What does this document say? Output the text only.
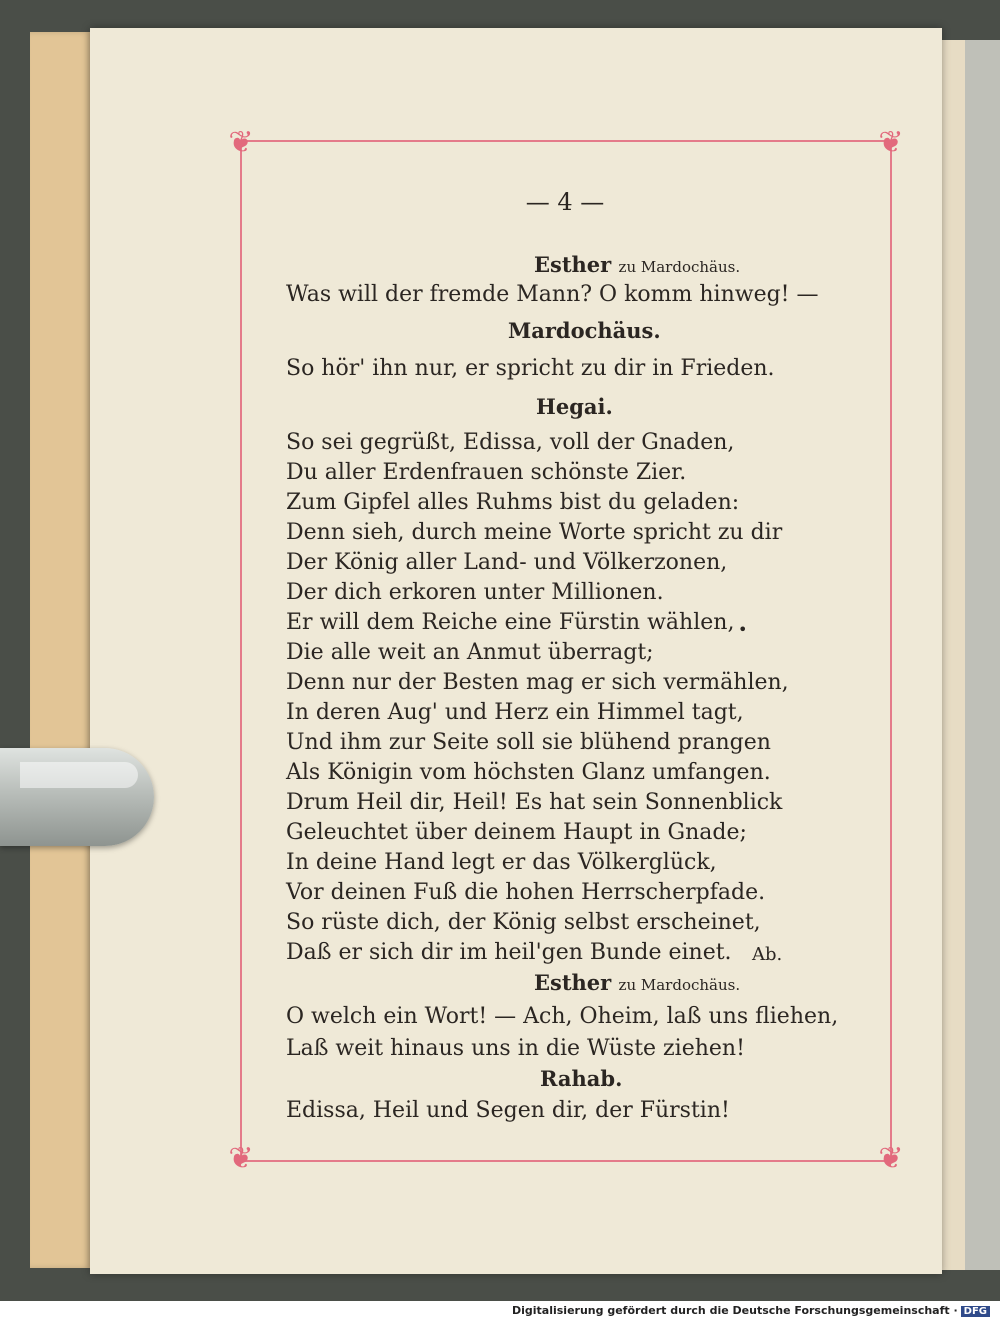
❦	❦
❦	❦
— 4 —
Esther zu Mardochäus.
Was will der fremde Mann? O komm hinweg! —
Mardochäus.
So hör' ihn nur, er spricht zu dir in Frieden.
Hegai.
So sei gegrüßt, Edissa, voll der Gnaden,
Du aller Erdenfrauen schönste Zier.
Zum Gipfel alles Ruhms bist du geladen:
Denn sieh, durch meine Worte spricht zu dir
Der König aller Land- und Völkerzonen,
Der dich erkoren unter Millionen.
Er will dem Reiche eine Fürstin wählen,
Die alle weit an Anmut überragt;
Denn nur der Besten mag er sich vermählen,
In deren Aug' und Herz ein Himmel tagt,
Und ihm zur Seite soll sie blühend prangen
Als Königin vom höchsten Glanz umfangen.
Drum Heil dir, Heil! Es hat sein Sonnenblick
Geleuchtet über deinem Haupt in Gnade;
In deine Hand legt er das Völkerglück,
Vor deinen Fuß die hohen Herrscherpfade.
So rüste dich, der König selbst erscheinet,
Daß er sich dir im heil'gen Bunde einet. Ab.
Esther zu Mardochäus.
O welch ein Wort! — Ach, Oheim, laß uns fliehen,
Laß weit hinaus uns in die Wüste ziehen!
Rahab.
Edissa, Heil und Segen dir, der Fürstin!
•
Digitalisierung gefördert durch die Deutsche Forschungsgemeinschaft · DFG
